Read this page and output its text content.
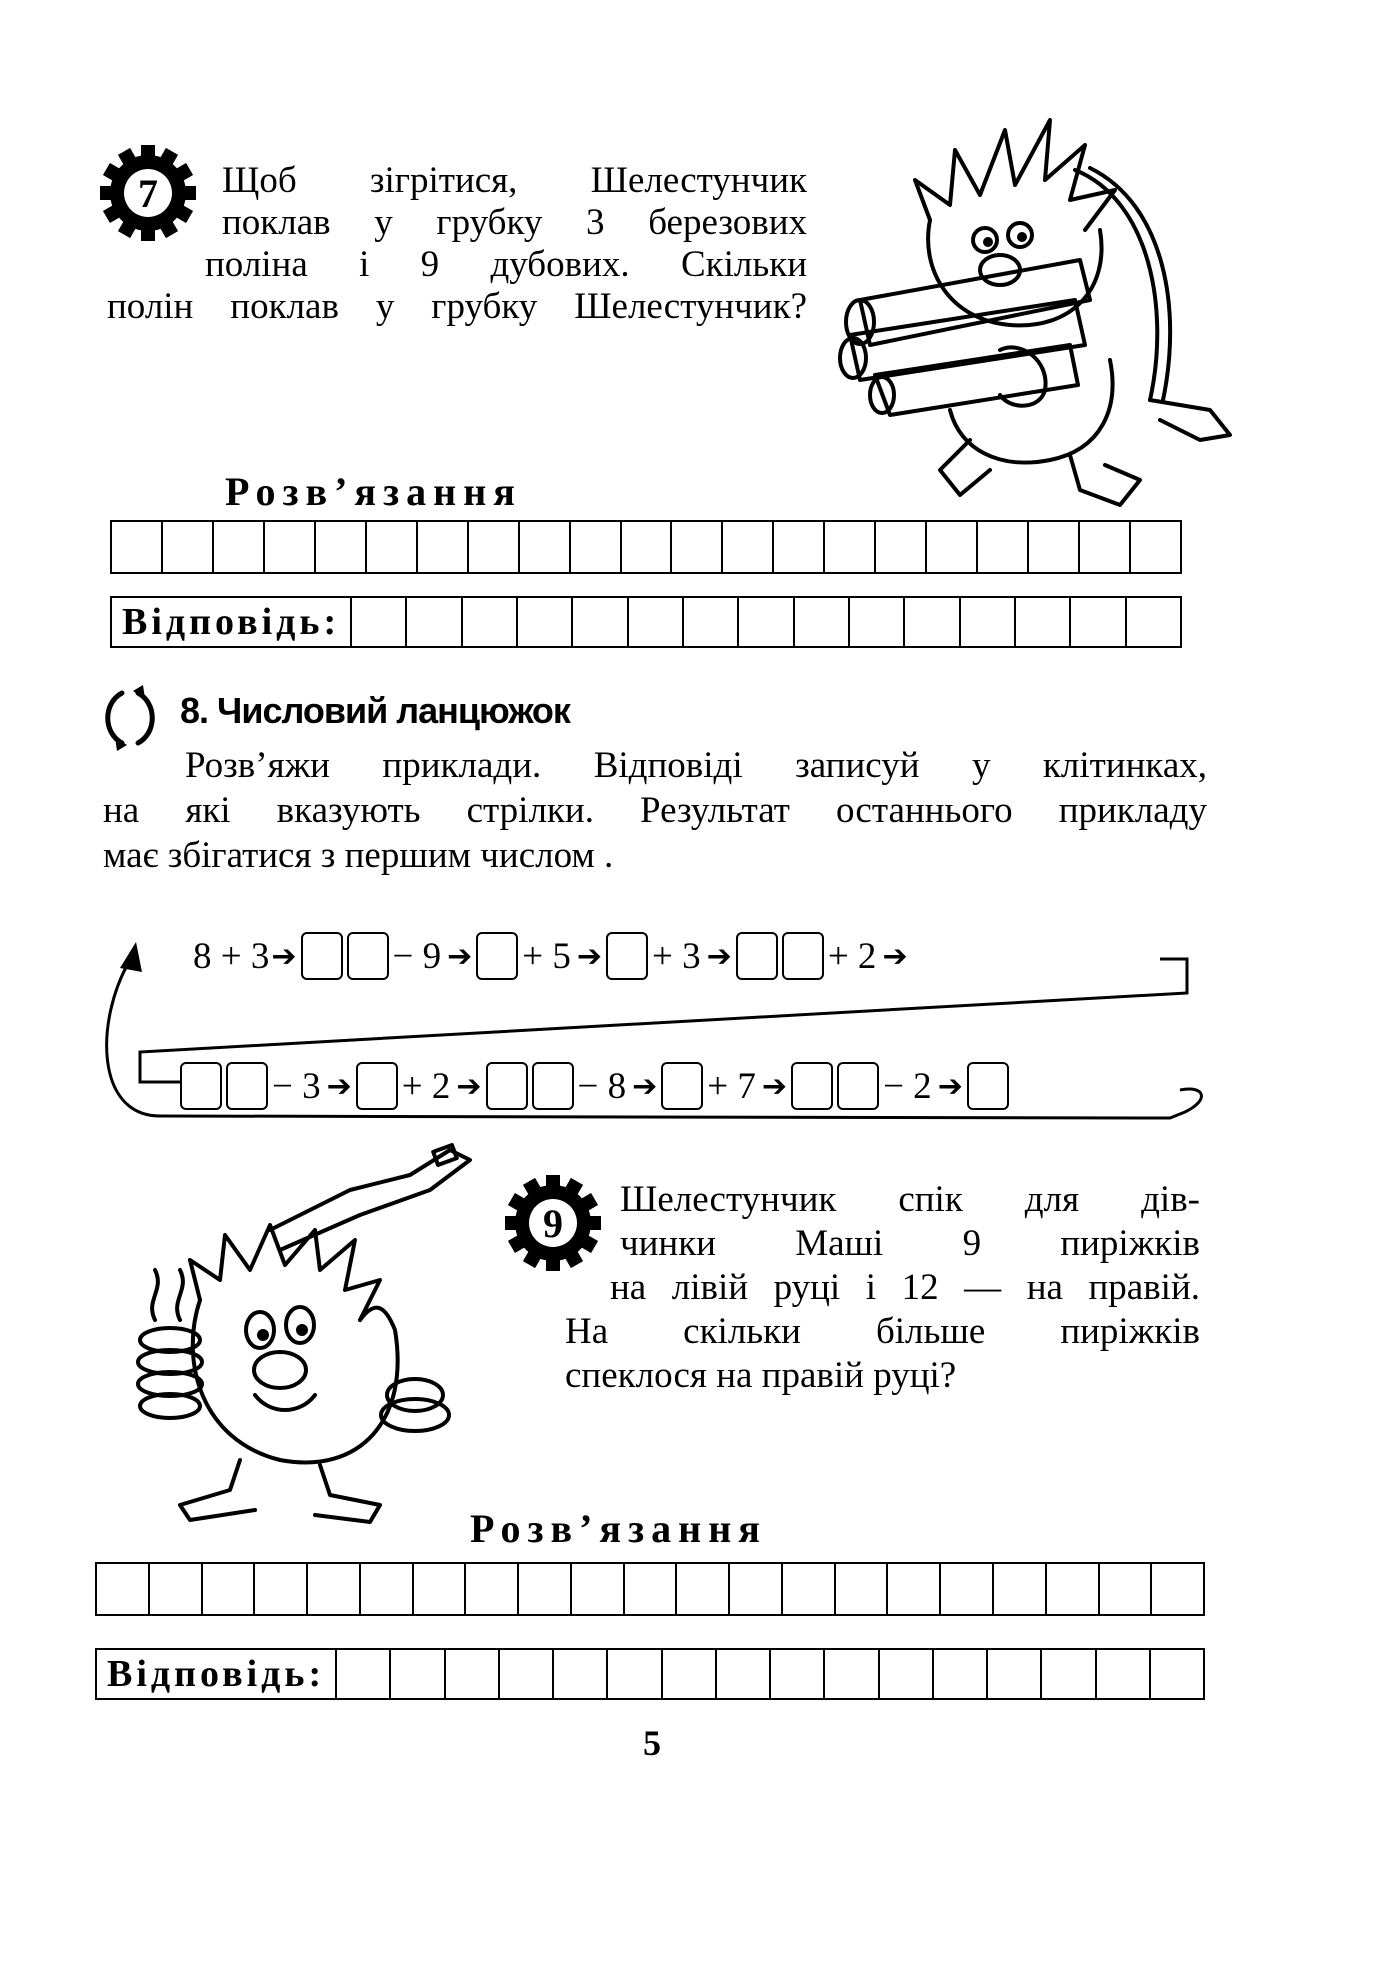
7	Щоб зігрітися, Шелестунчик
поклав у грубку 3 березових
поліна і 9 дубових. Скільки
полін поклав у грубку Шелестунчик?
Розв’язання
Відповідь:
8. Числовий ланцюжок
Розв’яжи приклади. Відповіді записуй у клітинках,
на які вказують стрілки. Результат останнього прикладу
має збігатися з першим числом .
8 + 3 ➔	− 9 ➔ + 5 ➔ + 3 ➔	+ 2 ➔
− 3 ➔ + 2 ➔	− 8 ➔ + 7 ➔	− 2 ➔
9
Шелестунчик спік для дів-
чинки Маші 9 пиріжків
на лівій руці і 12 — на правій.
На скільки більше пиріжків
спеклося на правій руці?
Розв’язання
Відповідь:
5
